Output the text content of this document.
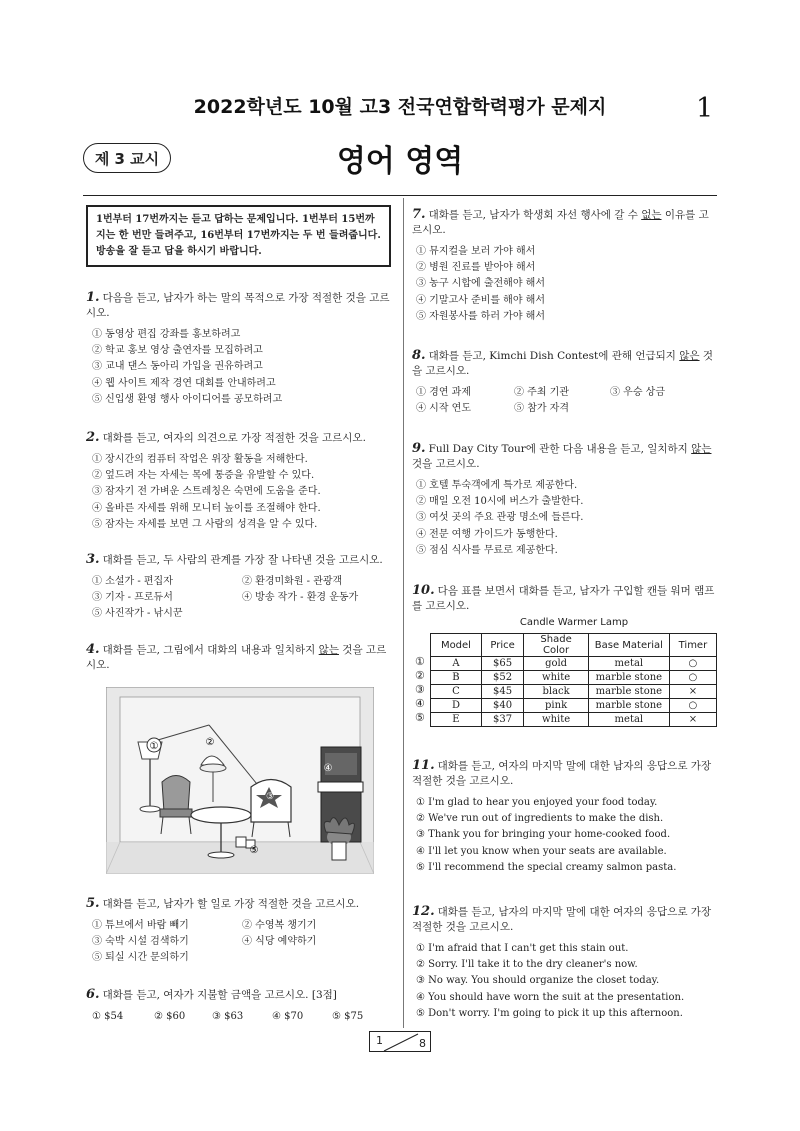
2022학년도 10월 고3 전국연합학력평가 문제지	1
제 3 교시	영어 영역
1번부터 17번까지는 듣고 답하는 문제입니다. 1번부터 15번까지는 한 번만 들려주고, 16번부터 17번까지는 두 번 들려줍니다. 방송을 잘 듣고 답을 하시기 바랍니다.
1. 다음을 듣고, 남자가 하는 말의 목적으로 가장 적절한 것을 고르시오.
① 동영상 편집 강좌를 홍보하려고
② 학교 홍보 영상 출연자를 모집하려고
③ 교내 댄스 동아리 가입을 권유하려고
④ 웹 사이트 제작 경연 대회를 안내하려고
⑤ 신입생 환영 행사 아이디어를 공모하려고
2. 대화를 듣고, 여자의 의견으로 가장 적절한 것을 고르시오.
① 장시간의 컴퓨터 작업은 위장 활동을 저해한다.
② 엎드려 자는 자세는 목에 통증을 유발할 수 있다.
③ 잠자기 전 가벼운 스트레칭은 숙면에 도움을 준다.
④ 올바른 자세를 위해 모니터 높이를 조절해야 한다.
⑤ 잠자는 자세를 보면 그 사람의 성격을 알 수 있다.
3. 대화를 듣고, 두 사람의 관계를 가장 잘 나타낸 것을 고르시오.
① 소설가 - 편집자	② 환경미화원 - 관광객
③ 기자 - 프로듀서	④ 방송 작가 - 환경 운동가
⑤ 사진작가 - 낚시꾼
4. 대화를 듣고, 그림에서 대화의 내용과 일치하지 않는 것을 고르시오.
①	②
③
④
⑤
5. 대화를 듣고, 남자가 할 일로 가장 적절한 것을 고르시오.
① 튜브에서 바람 빼기	② 수영복 챙기기
③ 숙박 시설 검색하기	④ 식당 예약하기
⑤ 퇴실 시간 문의하기
6. 대화를 듣고, 여자가 지불할 금액을 고르시오. [3점]
① $54	② $60	③ $63	④ $70	⑤ $75
7. 대화를 듣고, 남자가 학생회 자선 행사에 갈 수 없는 이유를 고르시오.
① 뮤지컬을 보러 가야 해서
② 병원 진료를 받아야 해서
③ 농구 시합에 출전해야 해서
④ 기말고사 준비를 해야 해서
⑤ 자원봉사를 하러 가야 해서
8. 대화를 듣고, Kimchi Dish Contest에 관해 언급되지 않은 것을 고르시오.
① 경연 과제	② 주최 기관	③ 우승 상금
④ 시작 연도	⑤ 참가 자격
9. Full Day City Tour에 관한 다음 내용을 듣고, 일치하지 않는 것을 고르시오.
① 호텔 투숙객에게 특가로 제공한다.
② 매일 오전 10시에 버스가 출발한다.
③ 여섯 곳의 주요 관광 명소에 들른다.
④ 전문 여행 가이드가 동행한다.
⑤ 점심 식사를 무료로 제공한다.
10. 다음 표를 보면서 대화를 듣고, 남자가 구입할 캔들 워머 램프를 고르시오.
Candle Warmer Lamp
Model	Price	Shade Color	Base Material	Timer
A	$65	gold	metal	○
B	$52	white	marble stone	○
C	$45	black	marble stone	×
D	$40	pink	marble stone	○
E	$37	white	metal	×
①
②
③
④
⑤
11. 대화를 듣고, 여자의 마지막 말에 대한 남자의 응답으로 가장 적절한 것을 고르시오.
① I'm glad to hear you enjoyed your food today.
② We've run out of ingredients to make the dish.
③ Thank you for bringing your home-cooked food.
④ I'll let you know when your seats are available.
⑤ I'll recommend the special creamy salmon pasta.
12. 대화를 듣고, 남자의 마지막 말에 대한 여자의 응답으로 가장 적절한 것을 고르시오.
① I'm afraid that I can't get this stain out.
② Sorry. I'll take it to the dry cleaner's now.
③ No way. You should organize the closet today.
④ You should have worn the suit at the presentation.
⑤ Don't worry. I'm going to pick it up this afternoon.
1	8
